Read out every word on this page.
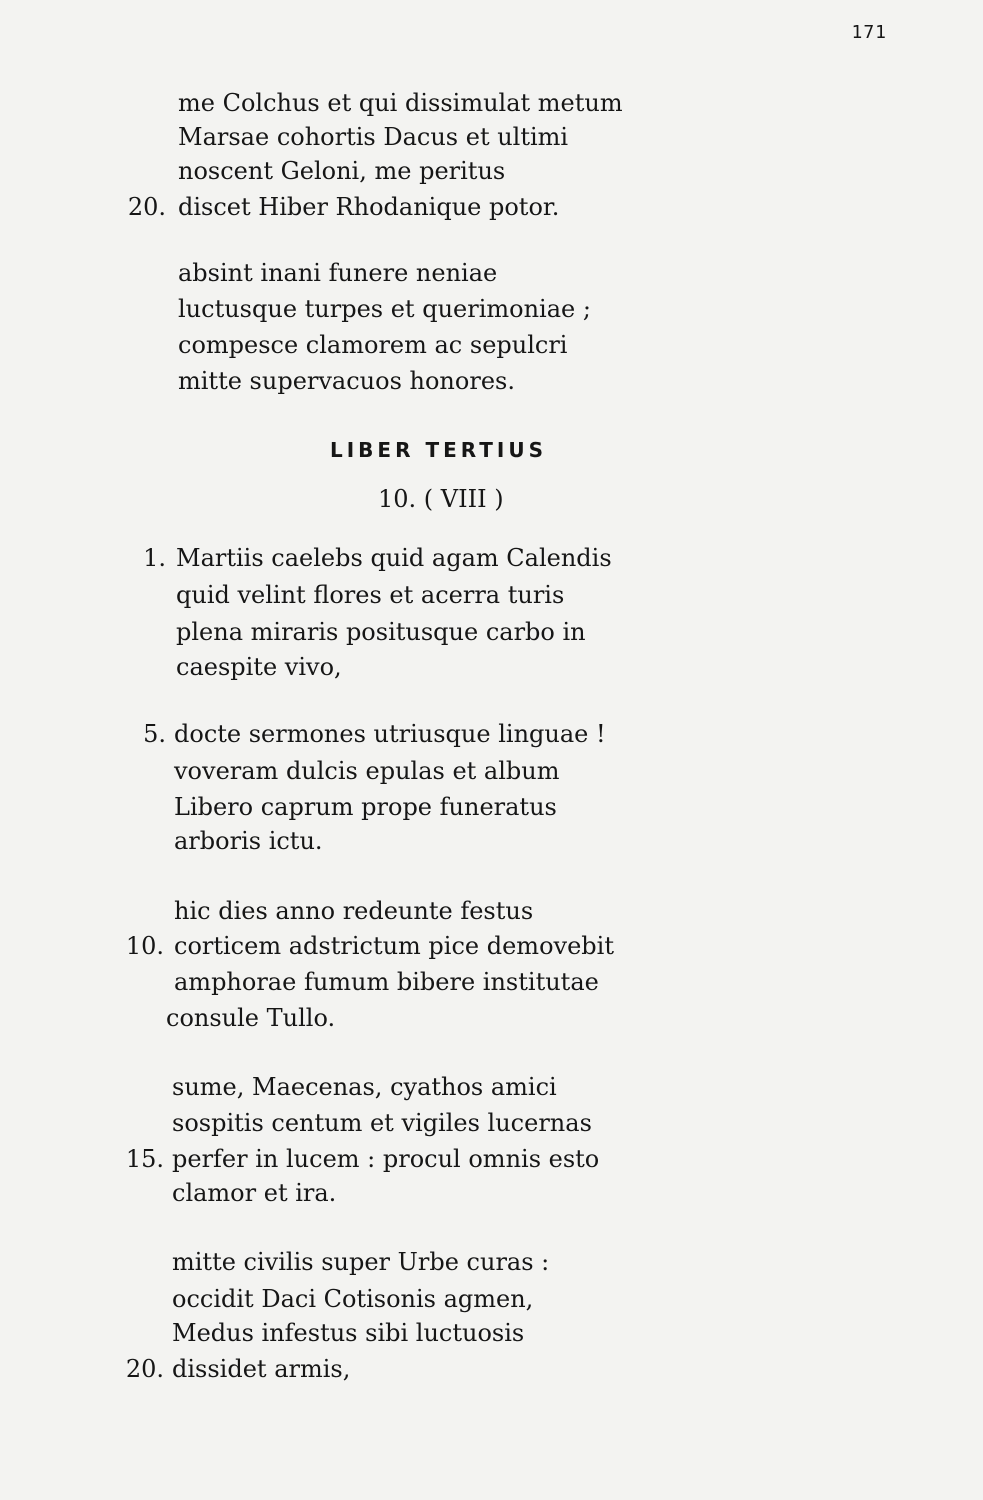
171
me Colchus et qui dissimulat metum
Marsae cohortis Dacus et ultimi
noscent Geloni, me peritus
20. discet Hiber Rhodanique potor.
absint inani funere neniae
luctusque turpes et querimoniae ;
compesce clamorem ac sepulcri
mitte supervacuos honores.
LIBER TERTIUS
10. ( VIII )
1. Martiis caelebs quid agam Calendis
quid velint flores et acerra turis
plena miraris positusque carbo in
caespite vivo,
5. docte sermones utriusque linguae !
voveram dulcis epulas et album
Libero caprum prope funeratus
arboris ictu.
hic dies anno redeunte festus
10. corticem adstrictum pice demovebit
amphorae fumum bibere institutae
consule Tullo.
sume, Maecenas, cyathos amici
sospitis centum et vigiles lucernas
15. perfer in lucem : procul omnis esto
clamor et ira.
mitte civilis super Urbe curas :
occidit Daci Cotisonis agmen,
Medus infestus sibi luctuosis
20. dissidet armis,
